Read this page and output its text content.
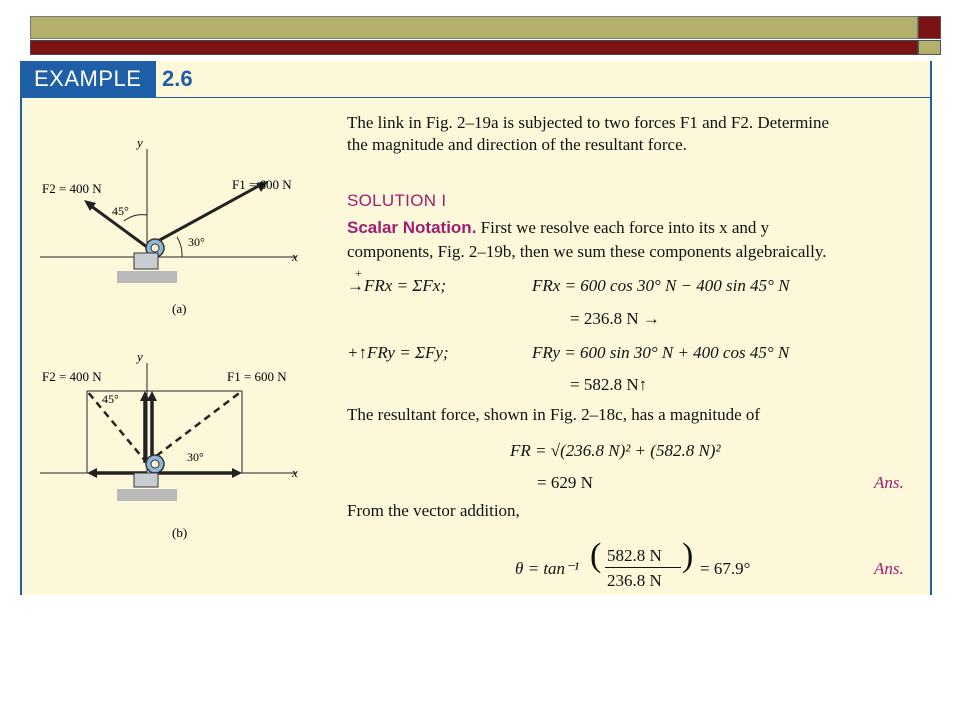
EXAMPLE 2.6
y
x
F2 = 400 N	F1 = 600 N
45°
30°
(a)
y
x
F2 = 400 N	F1 = 600 N
45°
30°
(b)
The link in Fig. 2–19a is subjected to two forces F1 and F2. Determine
the magnitude and direction of the resultant force.
SOLUTION I
Scalar Notation. First we resolve each force into its x and y
components, Fig. 2–19b, then we sum these components algebraically.
+
→FRx = ΣFx;	FRx = 600 cos 30° N − 400 sin 45° N
= 236.8 N →
+↑FRy = ΣFy;	FRy = 600 sin 30° N + 400 cos 45° N
= 582.8 N↑
The resultant force, shown in Fig. 2–18c, has a magnitude of
FR = √(236.8 N)² + (582.8 N)²
= 629 N	Ans.
From the vector addition,
θ = tan⁻¹ ( 582.8 N
236.8 N
) = 67.9°	Ans.
